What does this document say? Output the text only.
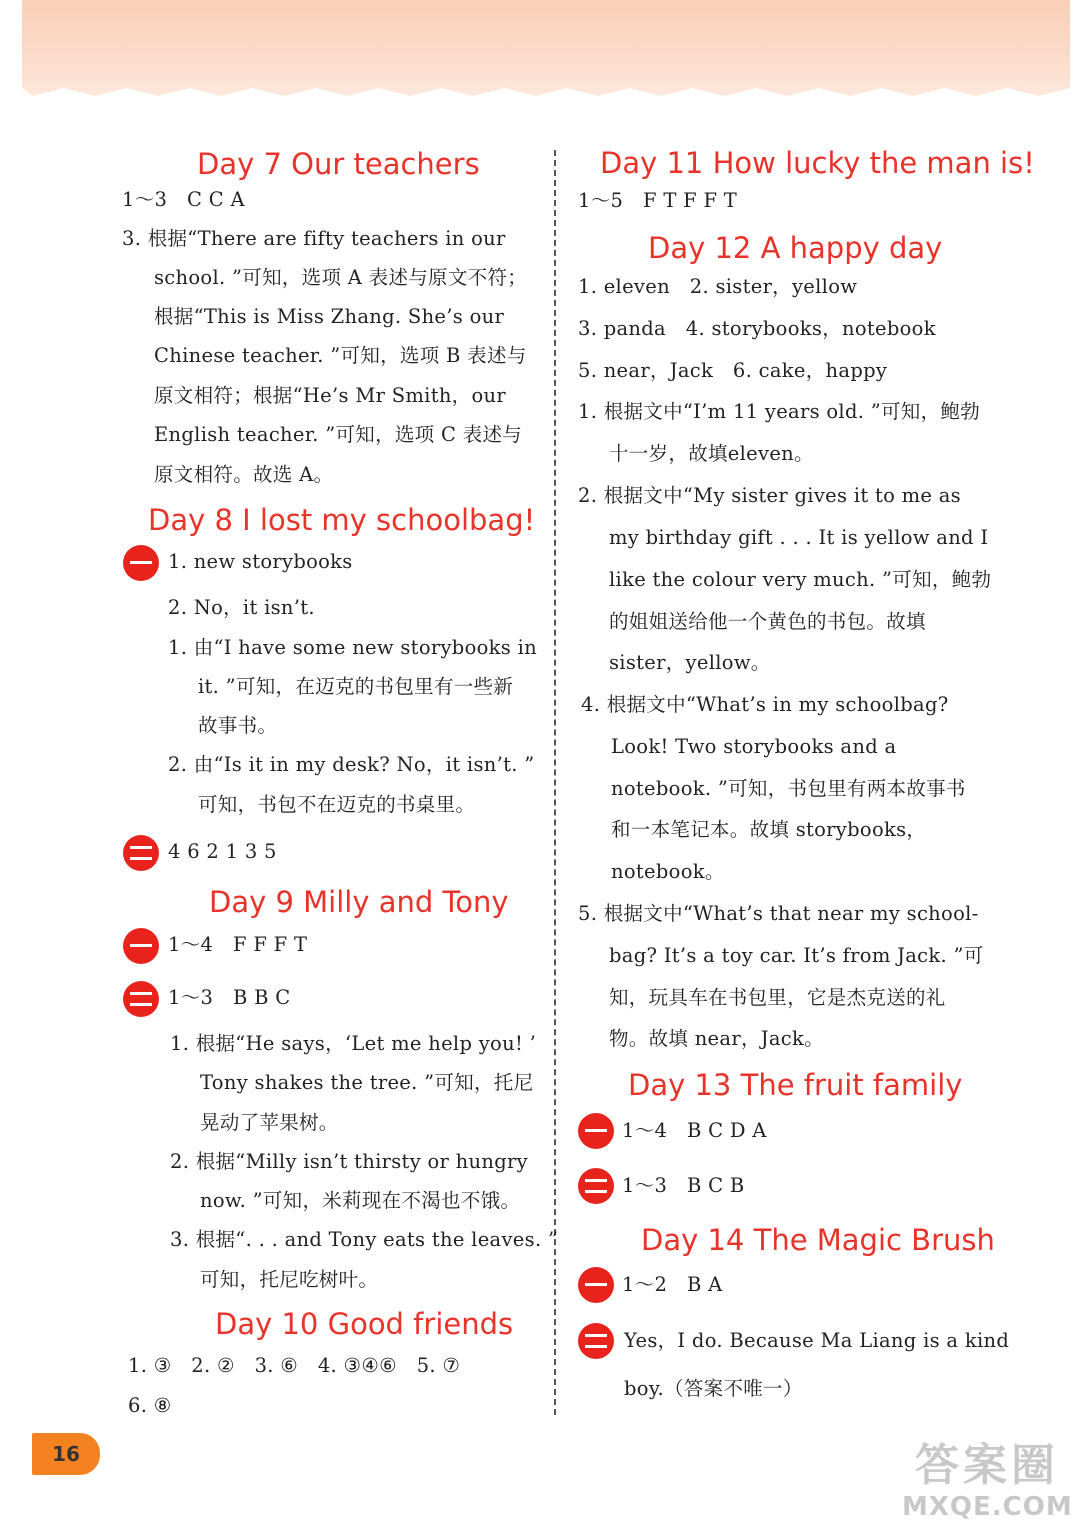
Day 7 Our teachers
1～3　C C A
3. 根据“There are fifty teachers in our
school. ”可知，选项 A 表述与原文不符；
根据“This is Miss Zhang. She’s our
Chinese teacher. ”可知，选项 B 表述与
原文相符；根据“He’s Mr Smith，our
English teacher. ”可知，选项 C 表述与
原文相符。故选 A。
Day 8 I lost my schoolbag!
1. new storybooks
2. No，it isn’t.
1. 由“I have some new storybooks in
it. ”可知，在迈克的书包里有一些新
故事书。
2. 由“Is it in my desk? No，it isn’t. ”
可知，书包不在迈克的书桌里。
4 6 2 1 3 5
Day 9 Milly and Tony
1～4　F F F T
1～3　B B C
1. 根据“He says，‘Let me help you! ’
Tony shakes the tree. ”可知，托尼
晃动了苹果树。
2. 根据“Milly isn’t thirsty or hungry
now. ”可知，米莉现在不渴也不饿。
3. 根据“. . . and Tony eats the leaves. ”
可知，托尼吃树叶。
Day 10 Good friends
1. ③　2. ②　3. ⑥　4. ③④⑥　5. ⑦
6. ⑧
Day 11 How lucky the man is!
1～5　F T F F T
Day 12 A happy day
1. eleven　2. sister，yellow
3. panda　4. storybooks，notebook
5. near，Jack　6. cake，happy
1. 根据文中“I’m 11 years old. ”可知，鲍勃
十一岁，故填eleven。
2. 根据文中“My sister gives it to me as
my birthday gift . . . It is yellow and I
like the colour very much. ”可知，鲍勃
的姐姐送给他一个黄色的书包。故填
sister，yellow。
4. 根据文中“What’s in my schoolbag?
Look! Two storybooks and a
notebook. ”可知，书包里有两本故事书
和一本笔记本。故填 storybooks，
notebook。
5. 根据文中“What’s that near my school-
bag? It’s a toy car. It’s from Jack. ”可
知，玩具车在书包里，它是杰克送的礼
物。故填 near，Jack。
Day 13 The fruit family
1～4　B C D A
1～3　B C B
Day 14 The Magic Brush
1～2　B A
Yes，I do. Because Ma Liang is a kind
boy.（答案不唯一）
16	答案圈
MXQE.COM
